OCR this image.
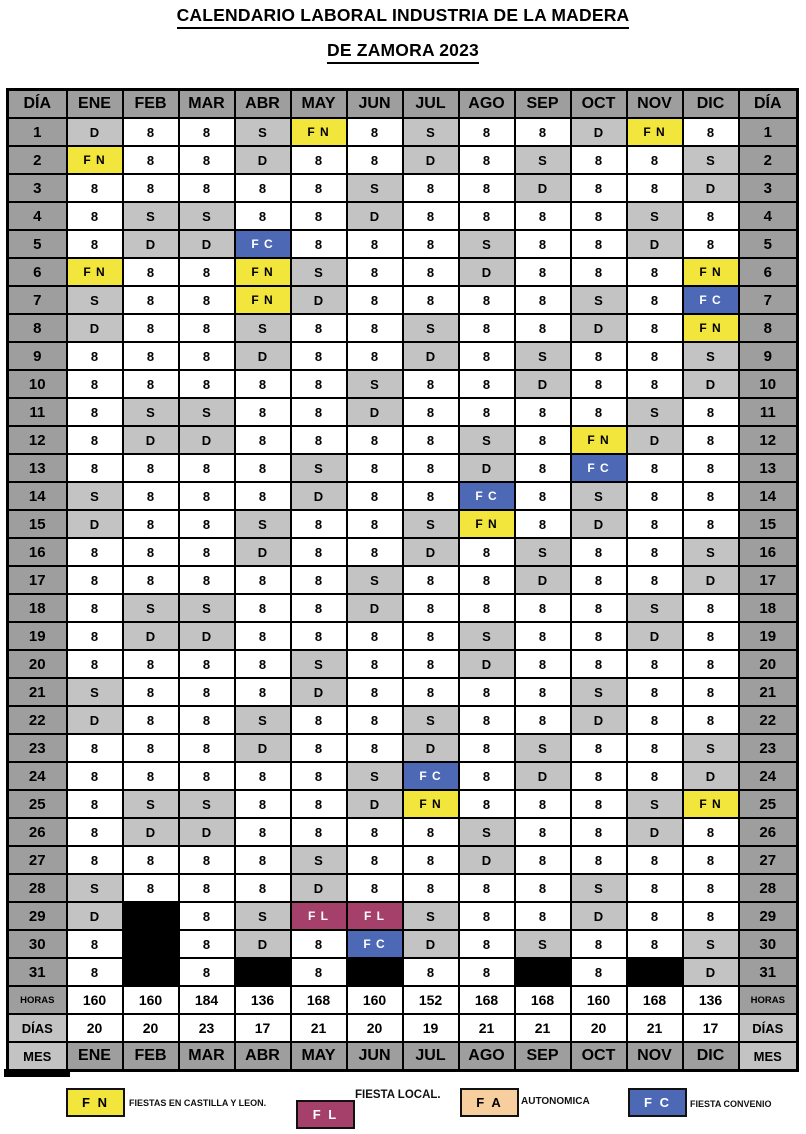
CALENDARIO LABORAL INDUSTRIA DE LA MADERA
DE ZAMORA 2023
DÍA	ENE	FEB	MAR	ABR	MAY	JUN	JUL	AGO	SEP	OCT	NOV	DIC	DÍA
1	D	8	8	S	F N	8	S	8	8	D	F N	8	1
2	F N	8	8	D	8	8	D	8	S	8	8	S	2
3	8	8	8	8	8	S	8	8	D	8	8	D	3
4	8	S	S	8	8	D	8	8	8	8	S	8	4
5	8	D	D	F C	8	8	8	S	8	8	D	8	5
6	F N	8	8	F N	S	8	8	D	8	8	8	F N	6
7	S	8	8	F N	D	8	8	8	8	S	8	F C	7
8	D	8	8	S	8	8	S	8	8	D	8	F N	8
9	8	8	8	D	8	8	D	8	S	8	8	S	9
10	8	8	8	8	8	S	8	8	D	8	8	D	10
11	8	S	S	8	8	D	8	8	8	8	S	8	11
12	8	D	D	8	8	8	8	S	8	F N	D	8	12
13	8	8	8	8	S	8	8	D	8	F C	8	8	13
14	S	8	8	8	D	8	8	F C	8	S	8	8	14
15	D	8	8	S	8	8	S	F N	8	D	8	8	15
16	8	8	8	D	8	8	D	8	S	8	8	S	16
17	8	8	8	8	8	S	8	8	D	8	8	D	17
18	8	S	S	8	8	D	8	8	8	8	S	8	18
19	8	D	D	8	8	8	8	S	8	8	D	8	19
20	8	8	8	8	S	8	8	D	8	8	8	8	20
21	S	8	8	8	D	8	8	8	8	S	8	8	21
22	D	8	8	S	8	8	S	8	8	D	8	8	22
23	8	8	8	D	8	8	D	8	S	8	8	S	23
24	8	8	8	8	8	S	F C	8	D	8	8	D	24
25	8	S	S	8	8	D	F N	8	8	8	S	F N	25
26	8	D	D	8	8	8	8	S	8	8	D	8	26
27	8	8	8	8	S	8	8	D	8	8	8	8	27
28	S	8	8	8	D	8	8	8	8	S	8	8	28
29	D		8	S	F L	F L	S	8	8	D	8	8	29
30	8		8	D	8	F C	D	8	S	8	8	S	30
31	8		8		8		8	8		8		D	31
HORAS	160	160	184	136	168	160	152	168	168	160	168	136	HORAS
DÍAS	20	20	23	17	21	20	19	21	21	20	21	17	DÍAS
MES	ENE	FEB	MAR	ABR	MAY	JUN	JUL	AGO	SEP	OCT	NOV	DIC	MES
F N	FIESTAS EN CASTILLA Y LEON.
F L
FIESTA LOCAL.	F A	AUTONOMICA	F C	FIESTA CONVENIO
